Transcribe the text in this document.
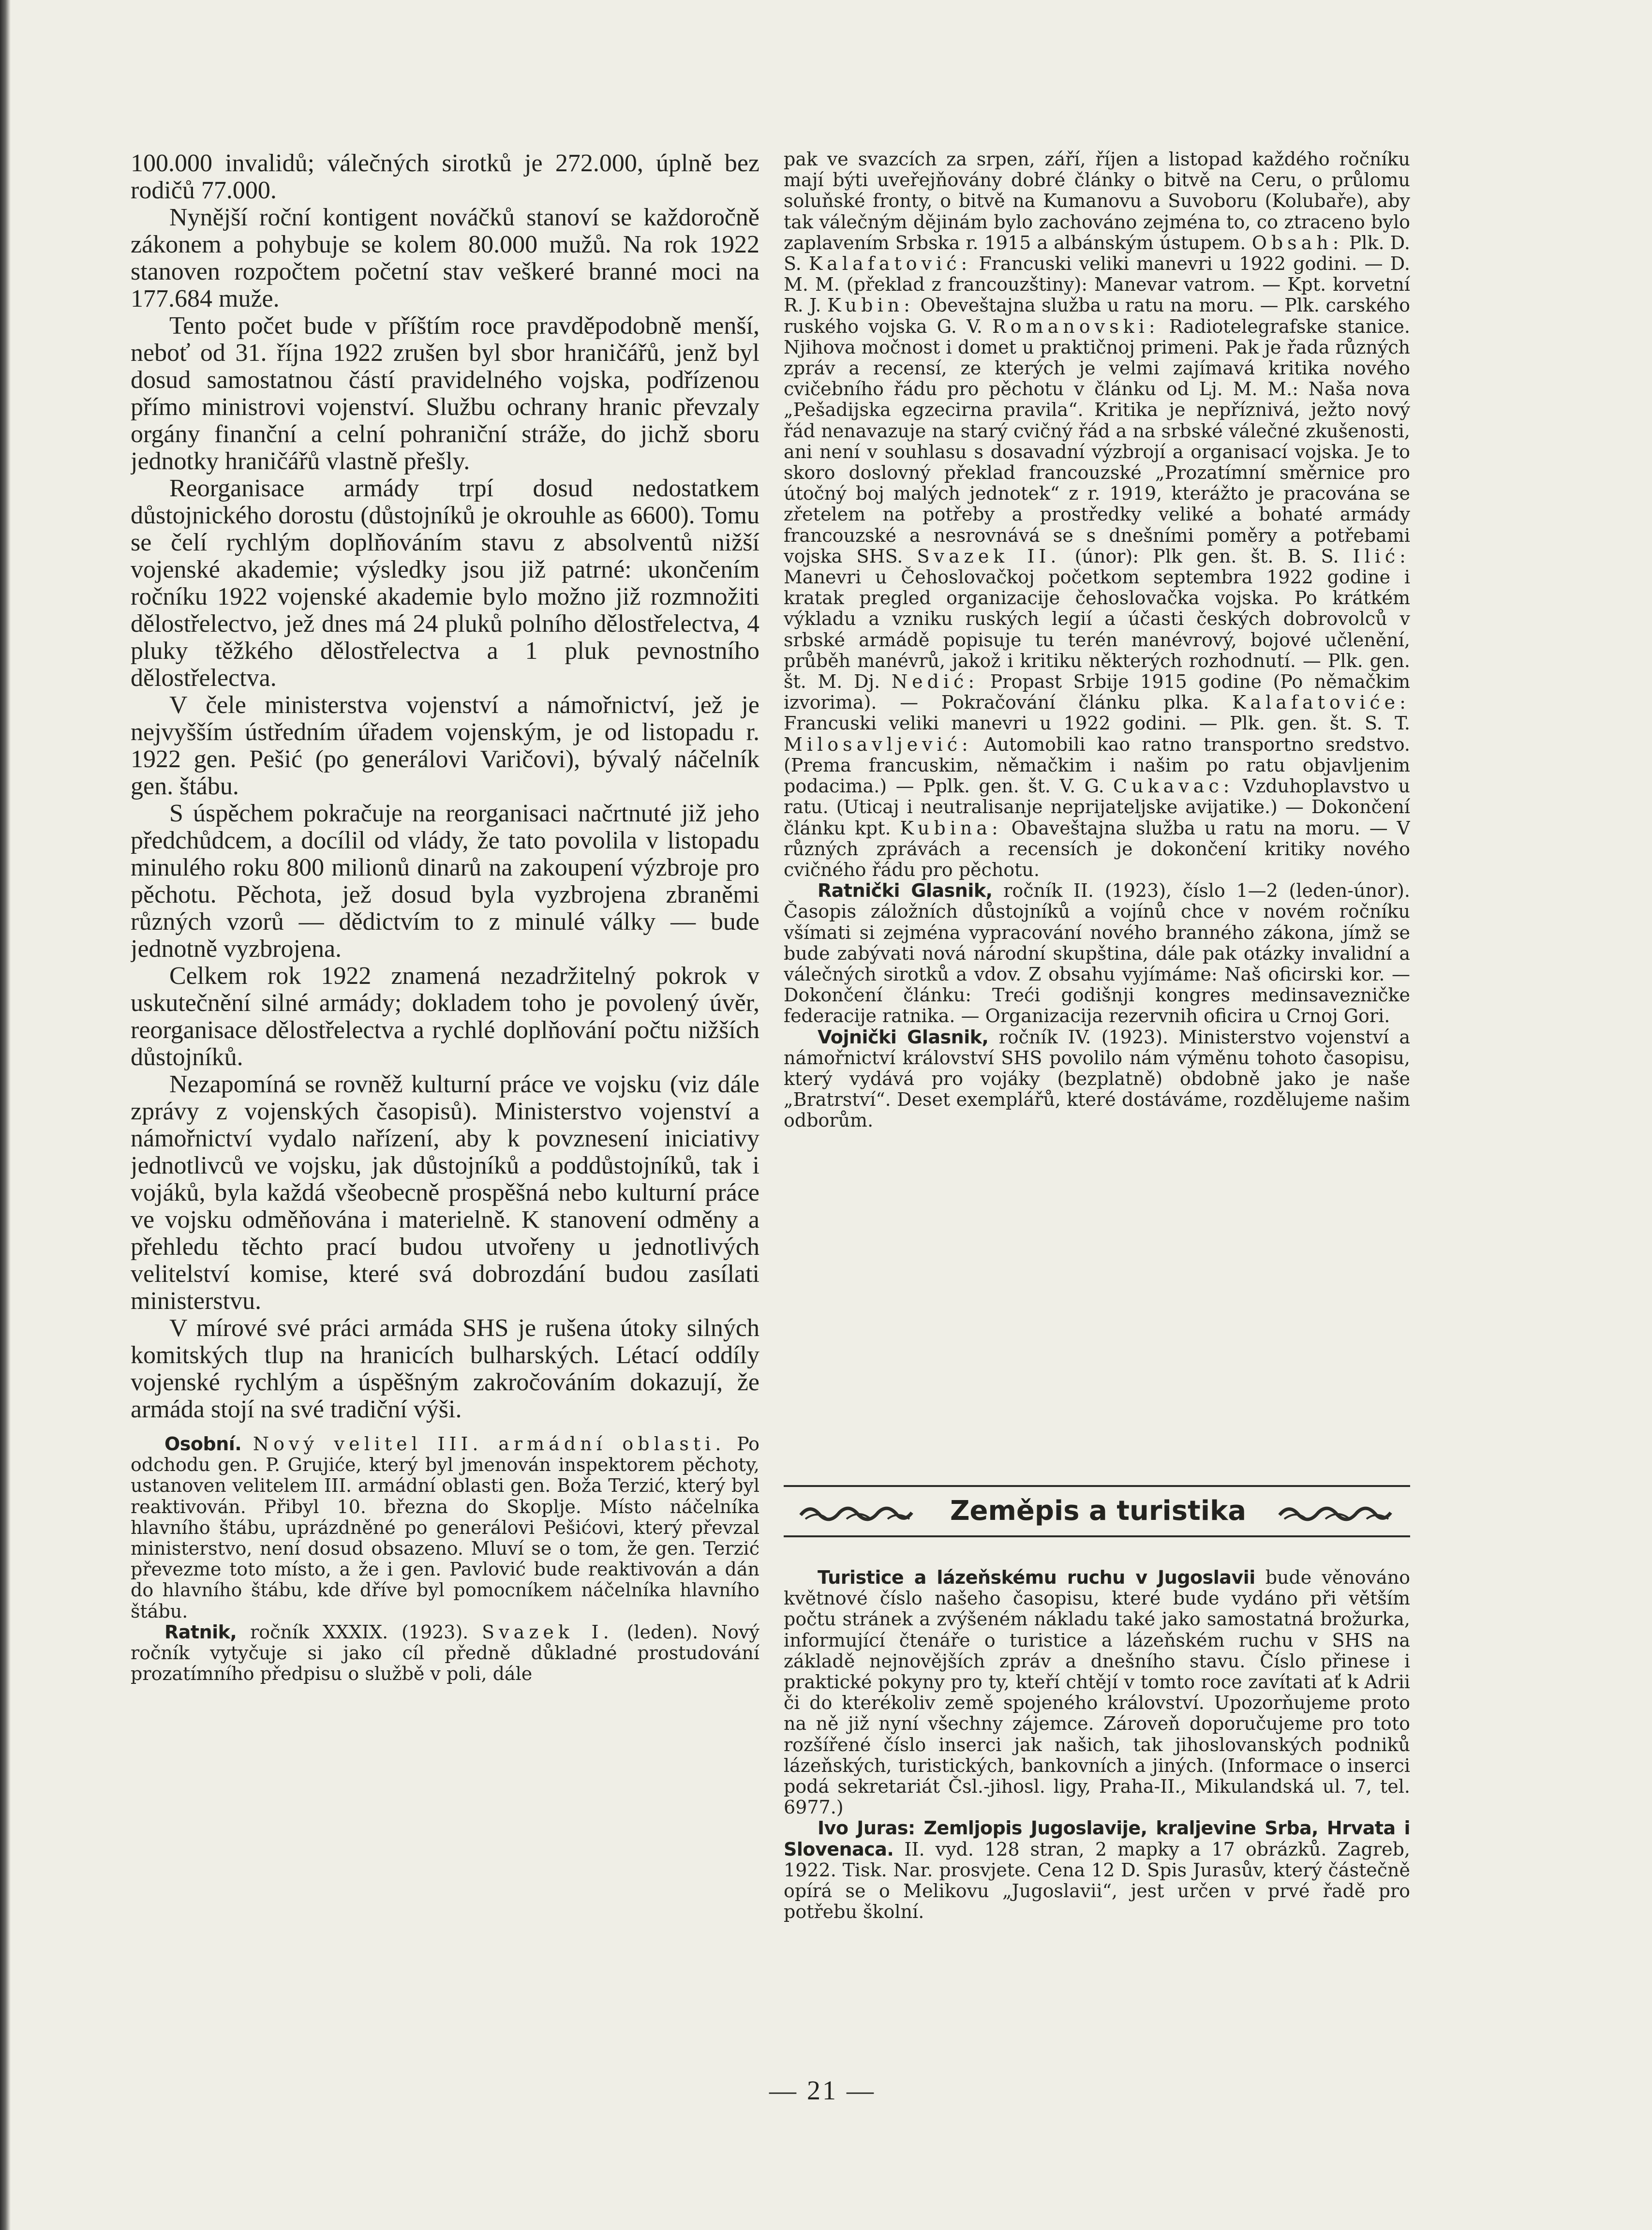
100.000 invalidů; válečných sirotků je 272.000, úplně bez rodičů 77.000.

Nynější roční kontigent nováčků stanoví se každoročně zákonem a pohybuje se kolem 80.000 mužů. Na rok 1922 stanoven rozpočtem početní stav veškeré branné moci na 177.684 muže.

Tento počet bude v příštím roce pravděpodobně menší, neboť od 31. října 1922 zrušen byl sbor hraničářů, jenž byl dosud samostatnou částí pravidelného vojska, podřízenou přímo ministrovi vojenství. Službu ochrany hranic převzaly orgány finanční a celní pohraniční stráže, do jichž sboru jednotky hraničářů vlastně přešly.

Reorganisace armády trpí dosud nedostatkem důstojnického dorostu (důstojníků je okrouhle as 6600). Tomu se čelí rychlým doplňováním stavu z absolventů nižší vojenské akademie; výsledky jsou již patrné: ukončením ročníku 1922 vojenské akademie bylo možno již rozmnožiti dělostřelectvo, jež dnes má 24 pluků polního dělostřelectva, 4 pluky těžkého dělostřelectva a 1 pluk pevnostního dělostřelectva.

V čele ministerstva vojenství a námořnictví, jež je nejvyšším ústředním úřadem vojenským, je od listopadu r. 1922 gen. Pešić (po generálovi Varičovi), bývalý náčelník gen. štábu.

S úspěchem pokračuje na reorganisaci načrtnuté již jeho předchůdcem, a docílil od vlády, že tato povolila v listopadu minulého roku 800 milionů dinarů na zakoupení výzbroje pro pěchotu. Pěchota, jež dosud byla vyzbrojena zbraněmi různých vzorů — dědictvím to z minulé války — bude jednotně vyzbrojena.

Celkem rok 1922 znamená nezadržitelný pokrok v uskutečnění silné armády; dokladem toho je povolený úvěr, reorganisace dělostřelectva a rychlé doplňování počtu nižších důstojníků.

Nezapomíná se rovněž kulturní práce ve vojsku (viz dále zprávy z vojenských časopisů). Ministerstvo vojenství a námořnictví vydalo nařízení, aby k povznesení iniciativy jednotlivců ve vojsku, jak důstojníků a poddůstojníků, tak i vojáků, byla každá všeobecně prospěšná nebo kulturní práce ve vojsku odměňována i materielně. K stanovení odměny a přehledu těchto prací budou utvořeny u jednotlivých velitelství komise, které svá dobrozdání budou zasílati ministerstvu.

V mírové své práci armáda SHS je rušena útoky silných komitských tlup na hranicích bulharských. Létací oddíly vojenské rychlým a úspěšným zakročováním dokazují, že armáda stojí na své tradiční výši.

Osobní. Nový velitel III. armádní oblasti. Po odchodu gen. P. Grujiće, který byl jmenován inspektorem pěchoty, ustanoven velitelem III. armádní oblasti gen. Boža Terzić, který byl reaktivován. Přibyl 10. března do Skoplje. Místo náčelníka hlavního štábu, uprázdněné po generálovi Pešićovi, který převzal ministerstvo, není dosud obsazeno. Mluví se o tom, že gen. Terzić převezme toto místo, a že i gen. Pavlović bude reaktivován a dán do hlavního štábu, kde dříve byl pomocníkem náčelníka hlavního štábu.

Ratnik, ročník XXXIX. (1923). Svazek I. (leden). Nový ročník vytyčuje si jako cíl předně důkladné prostudování prozatímního předpisu o službě v poli, dále

pak ve svazcích za srpen, září, říjen a listopad každého ročníku mají býti uveřejňovány dobré články o bitvě na Ceru, o průlomu soluňské fronty, o bitvě na Kumanovu a Suvoboru (Kolubaře), aby tak válečným dějinám bylo zachováno zejména to, co ztraceno bylo zaplavením Srbska r. 1915 a albánským ústupem. Obsah: Plk. D. S. Kalafatović: Francuski veliki manevri u 1922 godini. — D. M. M. (překlad z francouzštiny): Manevar vatrom. — Kpt. korvetní R. J. Kubin: Obeveštajna služba u ratu na moru. — Plk. carského ruského vojska G. V. Romanovski: Radiotelegrafske stanice. Njihova močnost i domet u praktičnoj primeni. Pak je řada různých zpráv a recensí, ze kterých je velmi zajímavá kritika nového cvičebního řádu pro pěchotu v článku od Lj. M. M.: Naša nova „Pešadijska egzecirna pravila“. Kritika je nepříznivá, ježto nový řád nenavazuje na starý cvičný řád a na srbské válečné zkušenosti, ani není v souhlasu s dosavadní výzbrojí a organisací vojska. Je to skoro doslovný překlad francouzské „Prozatímní směrnice pro útočný boj malých jednotek“ z r. 1919, kterážto je pracována se zřetelem na potřeby a prostředky veliké a bohaté armády francouzské a nesrovnává se s dnešními poměry a potřebami vojska SHS. Svazek II. (únor): Plk gen. št. B. S. Ilić: Manevri u Čehoslovačkoj početkom septembra 1922 godine i kratak pregled organizacije čehoslovačka vojska. Po krátkém výkladu a vzniku ruských legií a účasti českých dobrovolců v srbské armádě popisuje tu terén manévrový, bojové učlenění, průběh manévrů, jakož i kritiku některých rozhodnutí. — Plk. gen. št. M. Dj. Nedić: Propast Srbije 1915 godine (Po němačkim izvorima). — Pokračování článku plka. Kalafatoviće: Francuski veliki manevri u 1922 godini. — Plk. gen. št. S. T. Milosavljević: Automobili kao ratno transportno sredstvo. (Prema francuskim, němačkim i našim po ratu objavljenim podacima.) — Pplk. gen. št. V. G. Cukavac: Vzduhoplavstvo u ratu. (Uticaj i neutralisanje neprijateljske avijatike.) — Dokončení článku kpt. Kubina: Obaveštajna služba u ratu na moru. — V různých zprávách a recensích je dokončení kritiky nového cvičného řádu pro pěchotu.

Ratnički Glasnik, ročník II. (1923), číslo 1—2 (leden-únor). Časopis záložních důstojníků a vojínů chce v novém ročníku všímati si zejména vypracování nového branného zákona, jímž se bude zabývati nová národní skupština, dále pak otázky invalidní a válečných sirotků a vdov. Z obsahu vyjímáme: Naš oficirski kor. — Dokončení článku: Treći godišnji kongres medinsavezničke federacije ratnika. — Organizacija rezervnih oficira u Crnoj Gori.

Vojnički Glasnik, ročník IV. (1923). Ministerstvo vojenství a námořnictví království SHS povolilo nám výměnu tohoto časopisu, který vydává pro vojáky (bezplatně) obdobně jako je naše „Bratrství“. Deset exemplářů, které dostáváme, rozdělujeme našim odborům.

Zeměpis a turistika

Turistice a lázeňskému ruchu v Jugoslavii bude věnováno květnové číslo našeho časopisu, které bude vydáno při větším počtu stránek a zvýšeném nákladu také jako samostatná brožurka, informující čtenáře o turistice a lázeňském ruchu v SHS na základě nejnovějších zpráv a dnešního stavu. Číslo přinese i praktické pokyny pro ty, kteří chtějí v tomto roce zavítati ať k Adrii či do kterékoliv země spojeného království. Upozorňujeme proto na ně již nyní všechny zájemce. Zároveň doporučujeme pro toto rozšířené číslo inserci jak našich, tak jihoslovanských podniků lázeňských, turistických, bankovních a jiných. (Informace o inserci podá sekretariát Čsl.-jihosl. ligy, Praha-II., Mikulandská ul. 7, tel. 6977.)

Ivo Juras: Zemljopis Jugoslavije, kraljevine Srba, Hrvata i Slovenaca. II. vyd. 128 stran, 2 mapky a 17 obrázků. Zagreb, 1922. Tisk. Nar. prosvjete. Cena 12 D. Spis Jurasův, který částečně opírá se o Melikovu „Jugoslavii“, jest určen v prvé řadě pro potřebu školní.

— 21 —
